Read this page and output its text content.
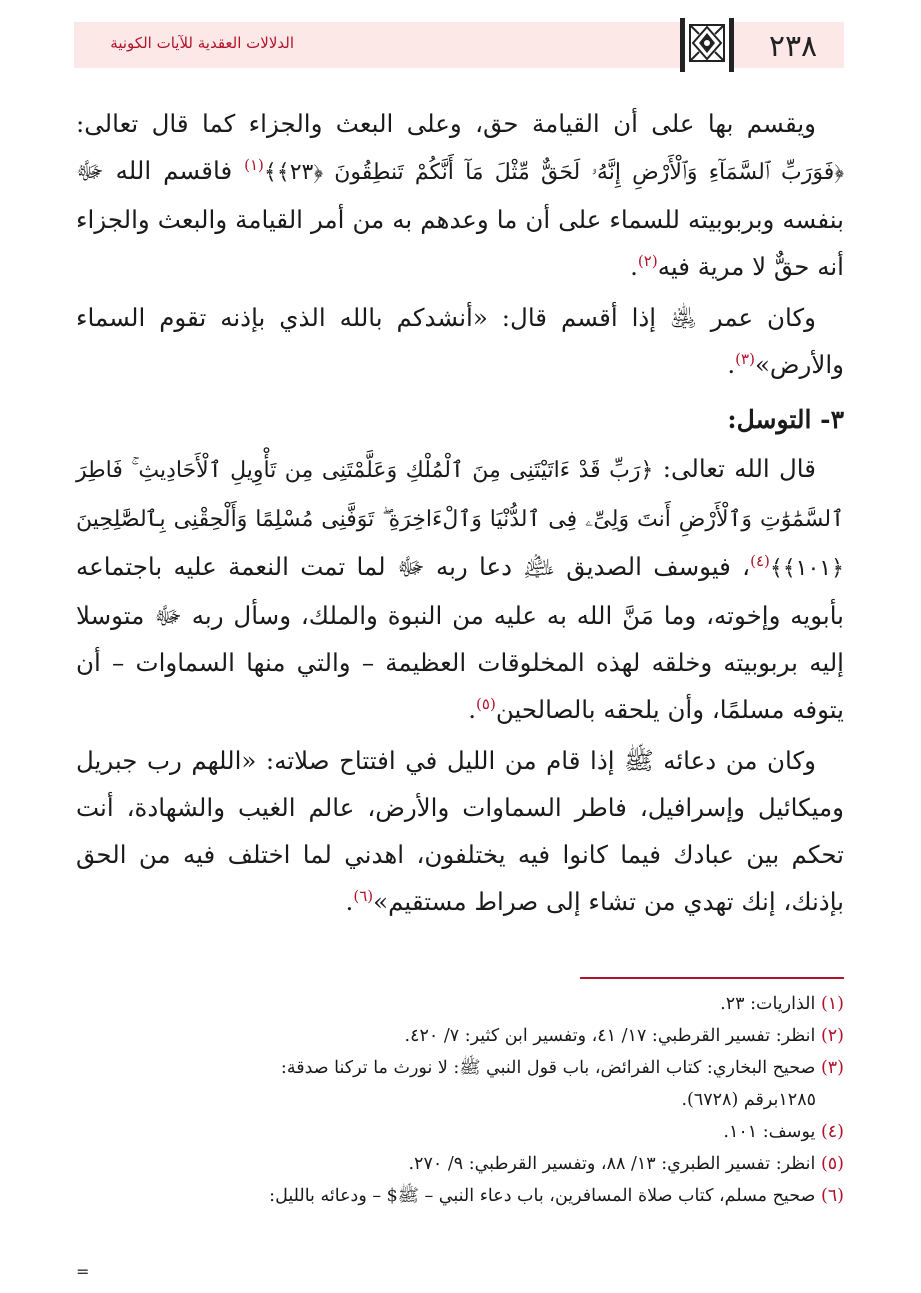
٢٣٨
الدلالات العقدية للآيات الكونية

ويقسم بها على أن القيامة حق، وعلى البعث والجزاء كما قال تعالى: ﴿فَوَرَبِّ ٱلسَّمَآءِ وَٱلْأَرْضِ إِنَّهُۥ لَحَقٌّ مِّثْلَ مَآ أَنَّكُمْ تَنطِقُونَ ﴿٢٣﴾﴾$^{(١)}$ فاقسم الله ﷻ بنفسه وبربوبيته للسماء على أن ما وعدهم به من أمر القيامة والبعث والجزاء أنه حقٌّ لا مرية فيه$^{(٢)}$.

وكان عمر ﵁ إذا أقسم قال: «أنشدكم بالله الذي بإذنه تقوم السماء والأرض»$^{(٣)}$.

٣- التوسل:

قال الله تعالى: ﴿رَبِّ قَدْ ءَاتَيْتَنِى مِنَ ٱلْمُلْكِ وَعَلَّمْتَنِى مِن تَأْوِيلِ ٱلْأَحَادِيثِ ۚ فَاطِرَ ٱلسَّمَٰوَٰتِ وَٱلْأَرْضِ أَنتَ وَلِىِّۦ فِى ٱلدُّنْيَا وَٱلْءَاخِرَةِ ۖ تَوَفَّنِى مُسْلِمًا وَأَلْحِقْنِى بِٱلصَّٰلِحِينَ ﴿١٠١﴾﴾$^{(٤)}$، فيوسف الصديق ﵇ دعا ربه ﷻ لما تمت النعمة عليه باجتماعه بأبويه وإخوته، وما مَنَّ الله به عليه من النبوة والملك، وسأل ربه ﷻ متوسلا إليه بربوبيته وخلقه لهذه المخلوقات العظيمة – والتي منها السماوات – أن يتوفه مسلمًا، وأن يلحقه بالصالحين$^{(٥)}$.

وكان من دعائه ﷺ إذا قام من الليل في افتتاح صلاته: «اللهم رب جبريل وميكائيل وإسرافيل، فاطر السماوات والأرض، عالم الغيب والشهادة، أنت تحكم بين عبادك فيما كانوا فيه يختلفون، اهدني لما اختلف فيه من الحق بإذنك، إنك تهدي من تشاء إلى صراط مستقيم»$^{(٦)}$.

(١) الذاريات: ٢٣.

(٢) انظر: تفسير القرطبي: ١٧/ ٤١، وتفسير ابن كثير: ٧/ ٤٢٠.

(٣) صحيح البخاري: كتاب الفرائض، باب قول النبي ﷺ: لا نورث ما تركنا صدقة:

١٢٨٥برقم (٦٧٢٨).

(٤) يوسف: ١٠١.

(٥) انظر: تفسير الطبري: ١٣/ ٨٨، وتفسير القرطبي: ٩/ ٢٧٠.

(٦) صحيح مسلم، كتاب صلاة المسافرين، باب دعاء النبي – ﷺ$ – ودعائه بالليل:

=
